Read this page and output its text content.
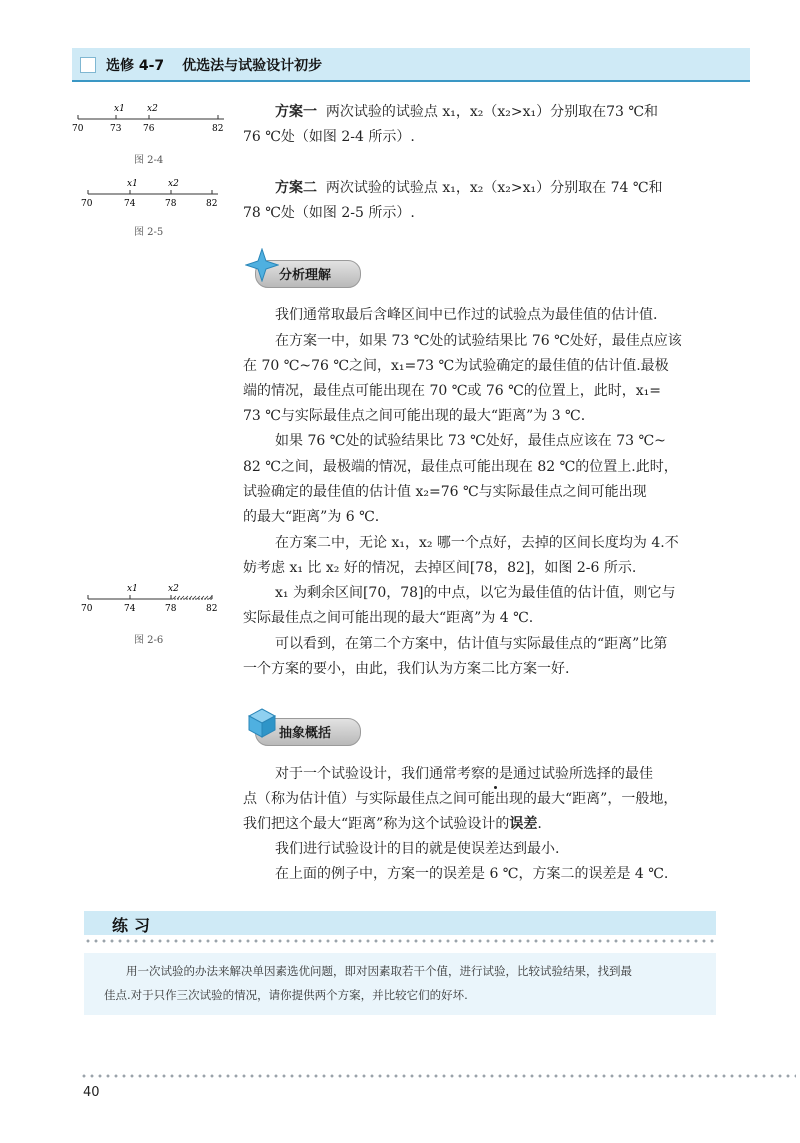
选修 4-7 优选法与试验设计初步
x1 x2
70	73 76	82
图 2-4
x1	x2
70	74	78	82
图 2-5
方案一 两次试验的试验点 x₁，x₂（x₂>x₁）分别取在73 ℃和
76 ℃处（如图 2-4 所示）.
方案二 两次试验的试验点 x₁，x₂（x₂>x₁）分别取在 74 ℃和
78 ℃处（如图 2-5 所示）.
分析理解
我们通常取最后含峰区间中已作过的试验点为最佳值的估计值.
在方案一中，如果 73 ℃处的试验结果比 76 ℃处好，最佳点应该
在 70 ℃~76 ℃之间，x₁=73 ℃为试验确定的最佳值的估计值.最极
端的情况，最佳点可能出现在 70 ℃或 76 ℃的位置上，此时，x₁=
73 ℃与实际最佳点之间可能出现的最大“距离”为 3 ℃.
如果 76 ℃处的试验结果比 73 ℃处好，最佳点应该在 73 ℃~
82 ℃之间，最极端的情况，最佳点可能出现在 82 ℃的位置上.此时，
试验确定的最佳值的估计值 x₂=76 ℃与实际最佳点之间可能出现
的最大“距离”为 6 ℃.
在方案二中，无论 x₁，x₂ 哪一个点好，去掉的区间长度均为 4.不
妨考虑 x₁ 比 x₂ 好的情况，去掉区间[78，82]，如图 2-6 所示.
x₁ 为剩余区间[70，78]的中点，以它为最佳值的估计值，则它与
实际最佳点之间可能出现的最大“距离”为 4 ℃.
可以看到，在第二个方案中，估计值与实际最佳点的“距离”比第
一个方案的要小，由此，我们认为方案二比方案一好.
x1	x2
70	74	78	82
图 2-6
抽象概括
对于一个试验设计，我们通常考察的是通过试验所选择的最佳
点（称为估计值）与实际最佳点之间可能出现的最大“距离”，一般地，
我们把这个最大“距离”称为这个试验设计的误差.
我们进行试验设计的目的就是使误差达到最小.
在上面的例子中，方案一的误差是 6 ℃，方案二的误差是 4 ℃.
练习
用一次试验的办法来解决单因素选优问题，即对因素取若干个值，进行试验，比较试验结果，找到最
佳点.对于只作三次试验的情况，请你提供两个方案，并比较它们的好坏.
40
